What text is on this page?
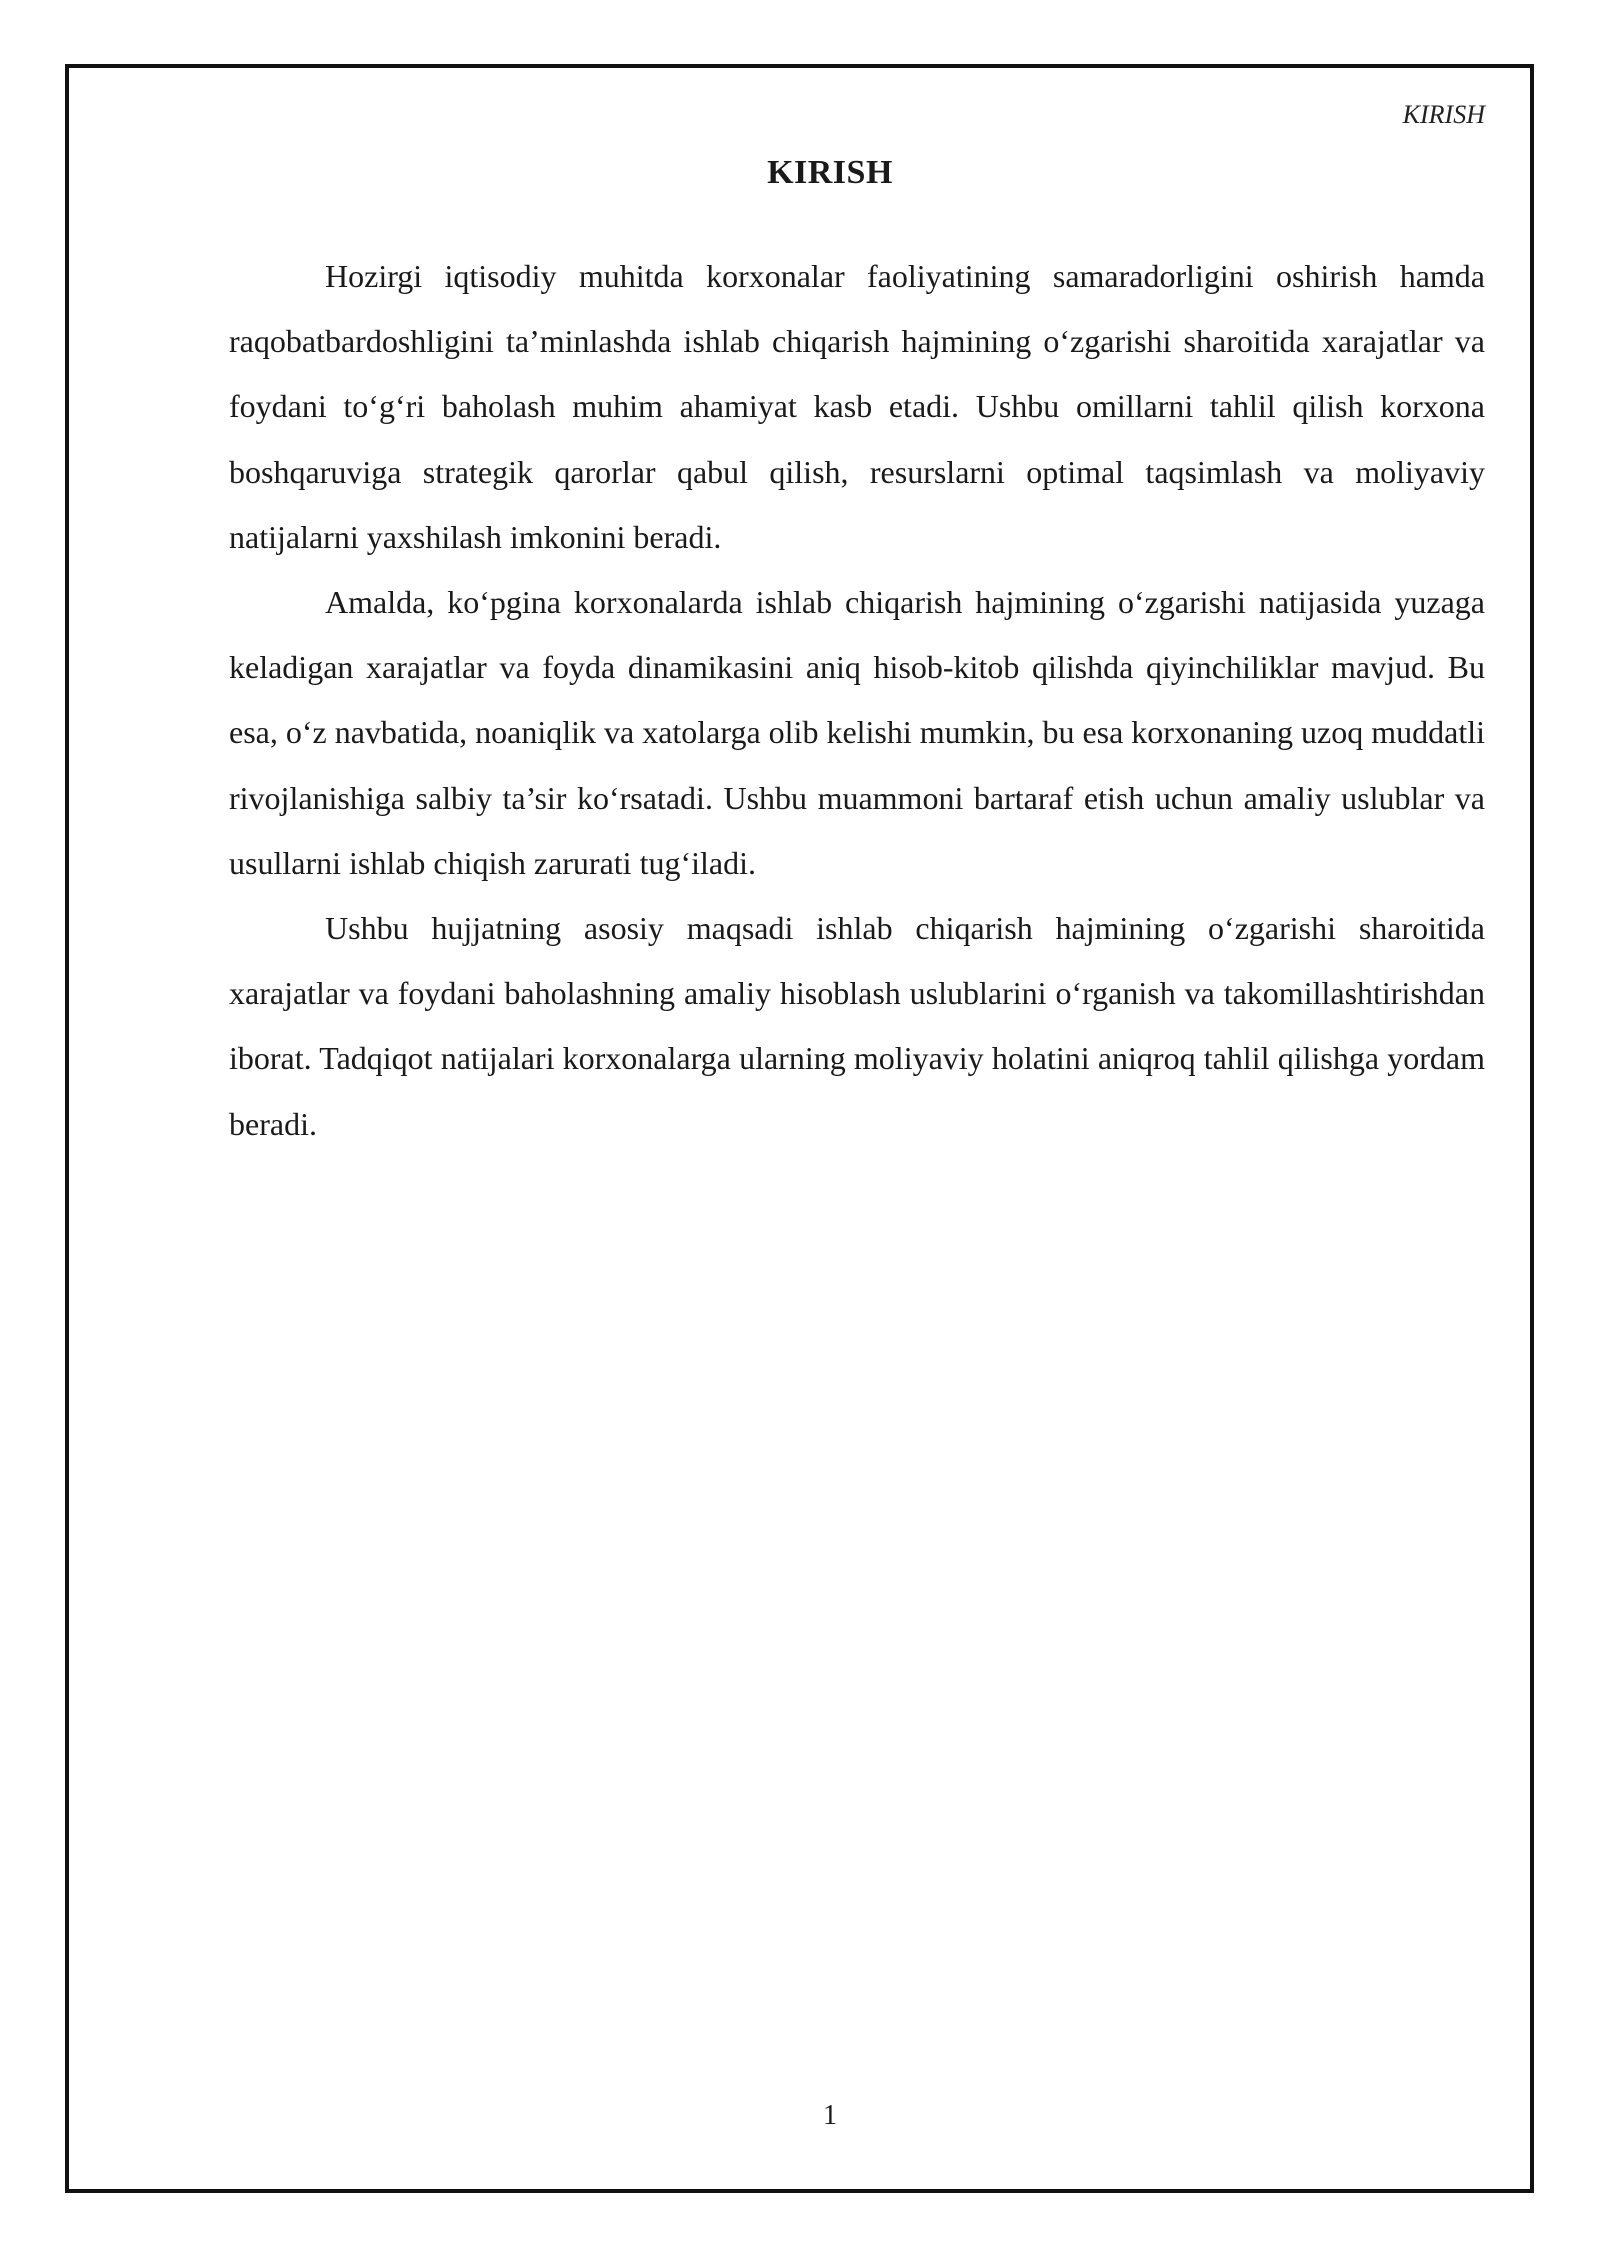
KIRISH
KIRISH

Hozirgi iqtisodiy muhitda korxonalar faoliyatining samaradorligini oshirish hamda raqobatbardoshligini ta’minlashda ishlab chiqarish hajmining o‘zgarishi sharoitida xarajatlar va foydani to‘g‘ri baholash muhim ahamiyat kasb etadi. Ushbu omillarni tahlil qilish korxona boshqaruviga strategik qarorlar qabul qilish, resurslarni optimal taqsimlash va moliyaviy natijalarni yaxshilash imkonini beradi.

Amalda, ko‘pgina korxonalarda ishlab chiqarish hajmining o‘zgarishi natijasida yuzaga keladigan xarajatlar va foyda dinamikasini aniq hisob-kitob qilishda qiyinchiliklar mavjud. Bu esa, o‘z navbatida, noaniqlik va xatolarga olib kelishi mumkin, bu esa korxonaning uzoq muddatli rivojlanishiga salbiy ta’sir ko‘rsatadi. Ushbu muammoni bartaraf etish uchun amaliy uslublar va usullarni ishlab chiqish zarurati tug‘iladi.

Ushbu hujjatning asosiy maqsadi ishlab chiqarish hajmining o‘zgarishi sharoitida xarajatlar va foydani baholashning amaliy hisoblash uslublarini o‘rganish va takomillashtirishdan iborat. Tadqiqot natijalari korxonalarga ularning moliyaviy holatini aniqroq tahlil qilishga yordam beradi.

1
